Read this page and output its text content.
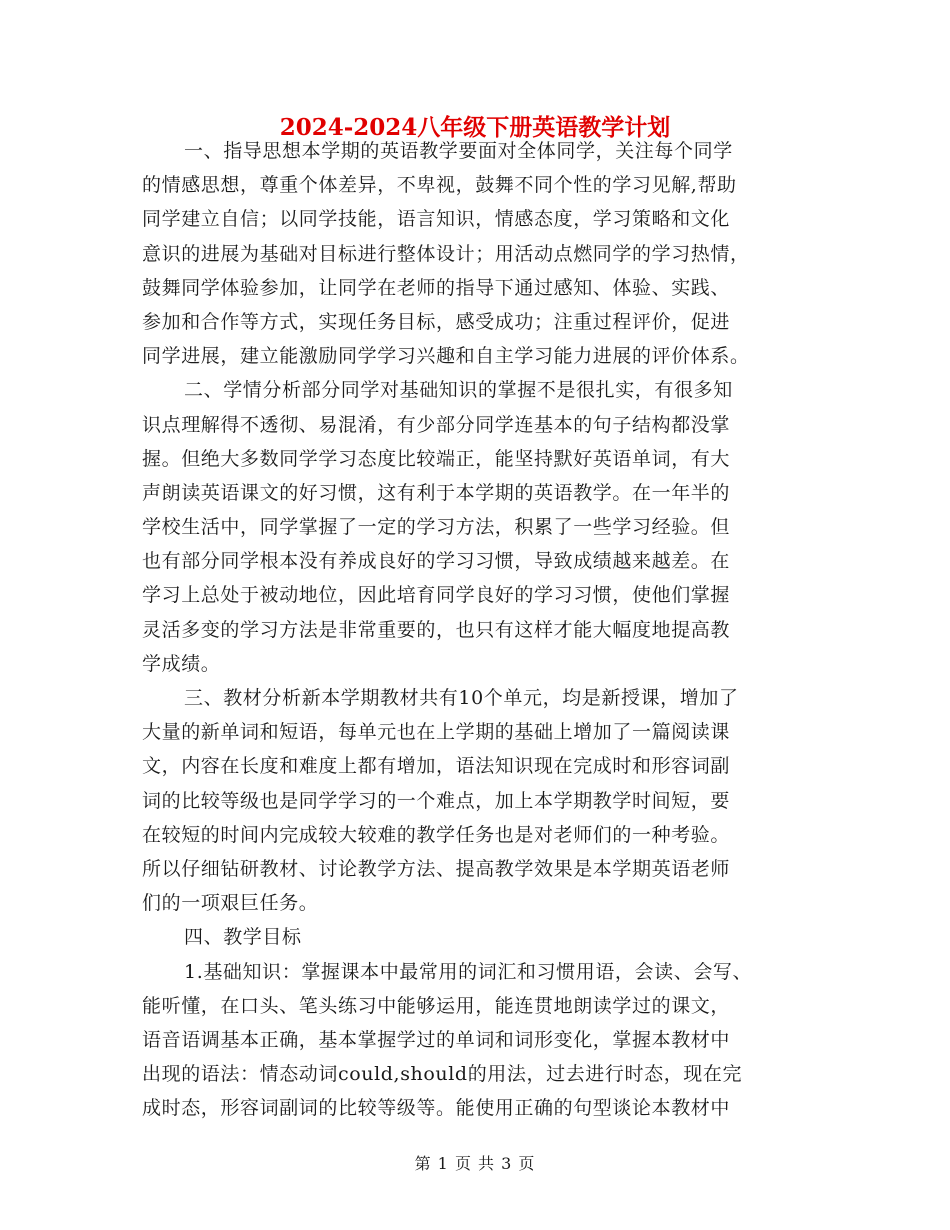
2024-2024八年级下册英语教学计划
一、指导思想本学期的英语教学要面对全体同学，关注每个同学
的情感思想，尊重个体差异，不卑视，鼓舞不同个性的学习见解,帮助
同学建立自信；以同学技能，语言知识，情感态度，学习策略和文化
意识的进展为基础对目标进行整体设计；用活动点燃同学的学习热情，
鼓舞同学体验参加，让同学在老师的指导下通过感知、体验、实践、
参加和合作等方式，实现任务目标，感受成功；注重过程评价，促进
同学进展，建立能激励同学学习兴趣和自主学习能力进展的评价体系。
二、学情分析部分同学对基础知识的掌握不是很扎实，有很多知
识点理解得不透彻、易混淆，有少部分同学连基本的句子结构都没掌
握。但绝大多数同学学习态度比较端正，能坚持默好英语单词，有大
声朗读英语课文的好习惯，这有利于本学期的英语教学。在一年半的
学校生活中，同学掌握了一定的学习方法，积累了一些学习经验。但
也有部分同学根本没有养成良好的学习习惯，导致成绩越来越差。在
学习上总处于被动地位，因此培育同学良好的学习习惯，使他们掌握
灵活多变的学习方法是非常重要的，也只有这样才能大幅度地提高教
学成绩。
三、教材分析新本学期教材共有10个单元，均是新授课，增加了
大量的新单词和短语，每单元也在上学期的基础上增加了一篇阅读课
文，内容在长度和难度上都有增加，语法知识现在完成时和形容词副
词的比较等级也是同学学习的一个难点，加上本学期教学时间短，要
在较短的时间内完成较大较难的教学任务也是对老师们的一种考验。
所以仔细钻研教材、讨论教学方法、提高教学效果是本学期英语老师
们的一项艰巨任务。
四、教学目标
1.基础知识：掌握课本中最常用的词汇和习惯用语，会读、会写、
能听懂，在口头、笔头练习中能够运用，能连贯地朗读学过的课文，
语音语调基本正确，基本掌握学过的单词和词形变化，掌握本教材中
出现的语法：情态动词could,should的用法，过去进行时态，现在完
成时态，形容词副词的比较等级等。能使用正确的句型谈论本教材中
第 1 页 共 3 页
